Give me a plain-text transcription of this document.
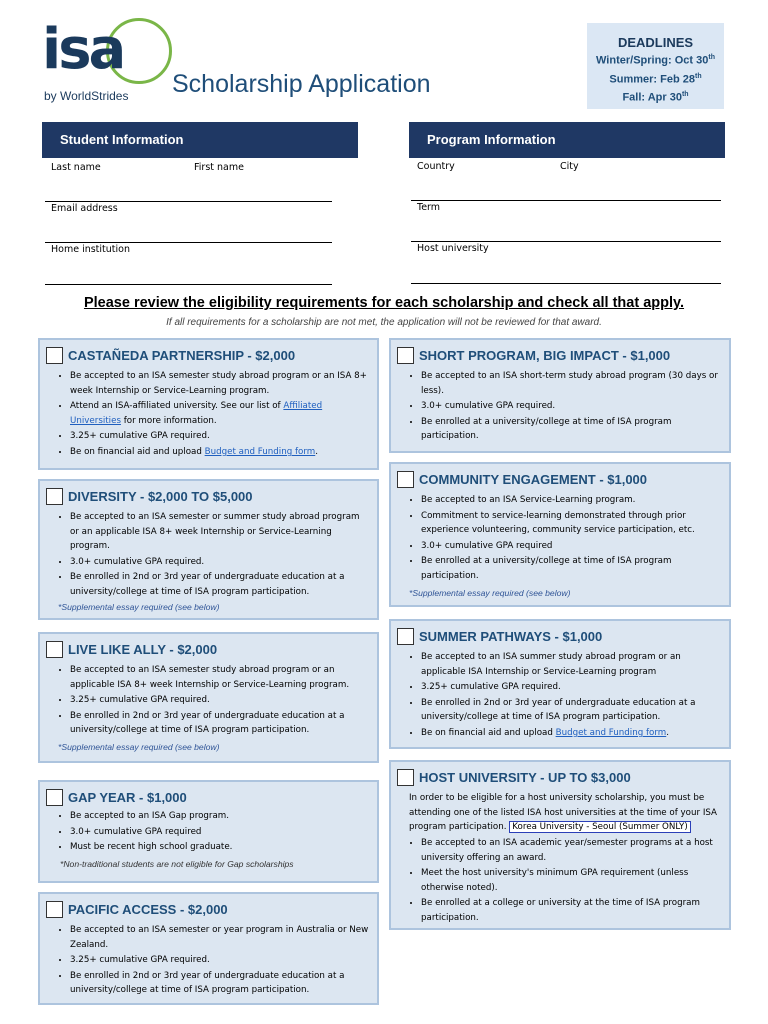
isa
by WorldStrides Scholarship Application
DEADLINES
Winter/Spring: Oct 30th
Summer: Feb 28th
Fall: Apr 30th
Student Information
Last name	First name
Email address
Home institution
Program Information
Country	City
Term
Host university
Please review the eligibility requirements for each scholarship and check all that apply.
If all requirements for a scholarship are not met, the application will not be reviewed for that award.
CASTAÑEDA PARTNERSHIP - $2,000
• Be accepted to an ISA semester study abroad program or an ISA 8+ week Internship or Service-Learning program.
• Attend an ISA-affiliated university. See our list of Affiliated Universities for more information.
• 3.25+ cumulative GPA required.
• Be on financial aid and upload Budget and Funding form.
DIVERSITY - $2,000 TO $5,000
• Be accepted to an ISA semester or summer study abroad program or an applicable ISA 8+ week Internship or Service-Learning program.
• 3.0+ cumulative GPA required.
• Be enrolled in 2nd or 3rd year of undergraduate education at a university/college at time of ISA program participation.
*Supplemental essay required (see below)
LIVE LIKE ALLY - $2,000
• Be accepted to an ISA semester study abroad program or an applicable ISA 8+ week Internship or Service-Learning program.
• 3.25+ cumulative GPA required.
• Be enrolled in 2nd or 3rd year of undergraduate education at a university/college at time of ISA program participation.
*Supplemental essay required (see below)
GAP YEAR - $1,000
• Be accepted to an ISA Gap program.
• 3.0+ cumulative GPA required
• Must be recent high school graduate.
*Non-traditional students are not eligible for Gap scholarships
PACIFIC ACCESS - $2,000
• Be accepted to an ISA semester or year program in Australia or New Zealand.
• 3.25+ cumulative GPA required.
• Be enrolled in 2nd or 3rd year of undergraduate education at a university/college at time of ISA program participation.
SHORT PROGRAM, BIG IMPACT - $1,000
• Be accepted to an ISA short-term study abroad program (30 days or less).
• 3.0+ cumulative GPA required.
• Be enrolled at a university/college at time of ISA program participation.
COMMUNITY ENGAGEMENT - $1,000
• Be accepted to an ISA Service-Learning program.
• Commitment to service-learning demonstrated through prior experience volunteering, community service participation, etc.
• 3.0+ cumulative GPA required
• Be enrolled at a university/college at time of ISA program participation.
*Supplemental essay required (see below)
SUMMER PATHWAYS - $1,000
• Be accepted to an ISA summer study abroad program or an applicable ISA Internship or Service-Learning program
• 3.25+ cumulative GPA required.
• Be enrolled in 2nd or 3rd year of undergraduate education at a university/college at time of ISA program participation.
• Be on financial aid and upload Budget and Funding form.
HOST UNIVERSITY - UP TO $3,000
In order to be eligible for a host university scholarship, you must be attending one of the listed ISA host universities at the time of your ISA program participation. Korea University - Seoul (Summer ONLY)
• Be accepted to an ISA academic year/semester programs at a host university offering an award.
• Meet the host university's minimum GPA requirement (unless otherwise noted).
• Be enrolled at a college or university at the time of ISA program participation.
